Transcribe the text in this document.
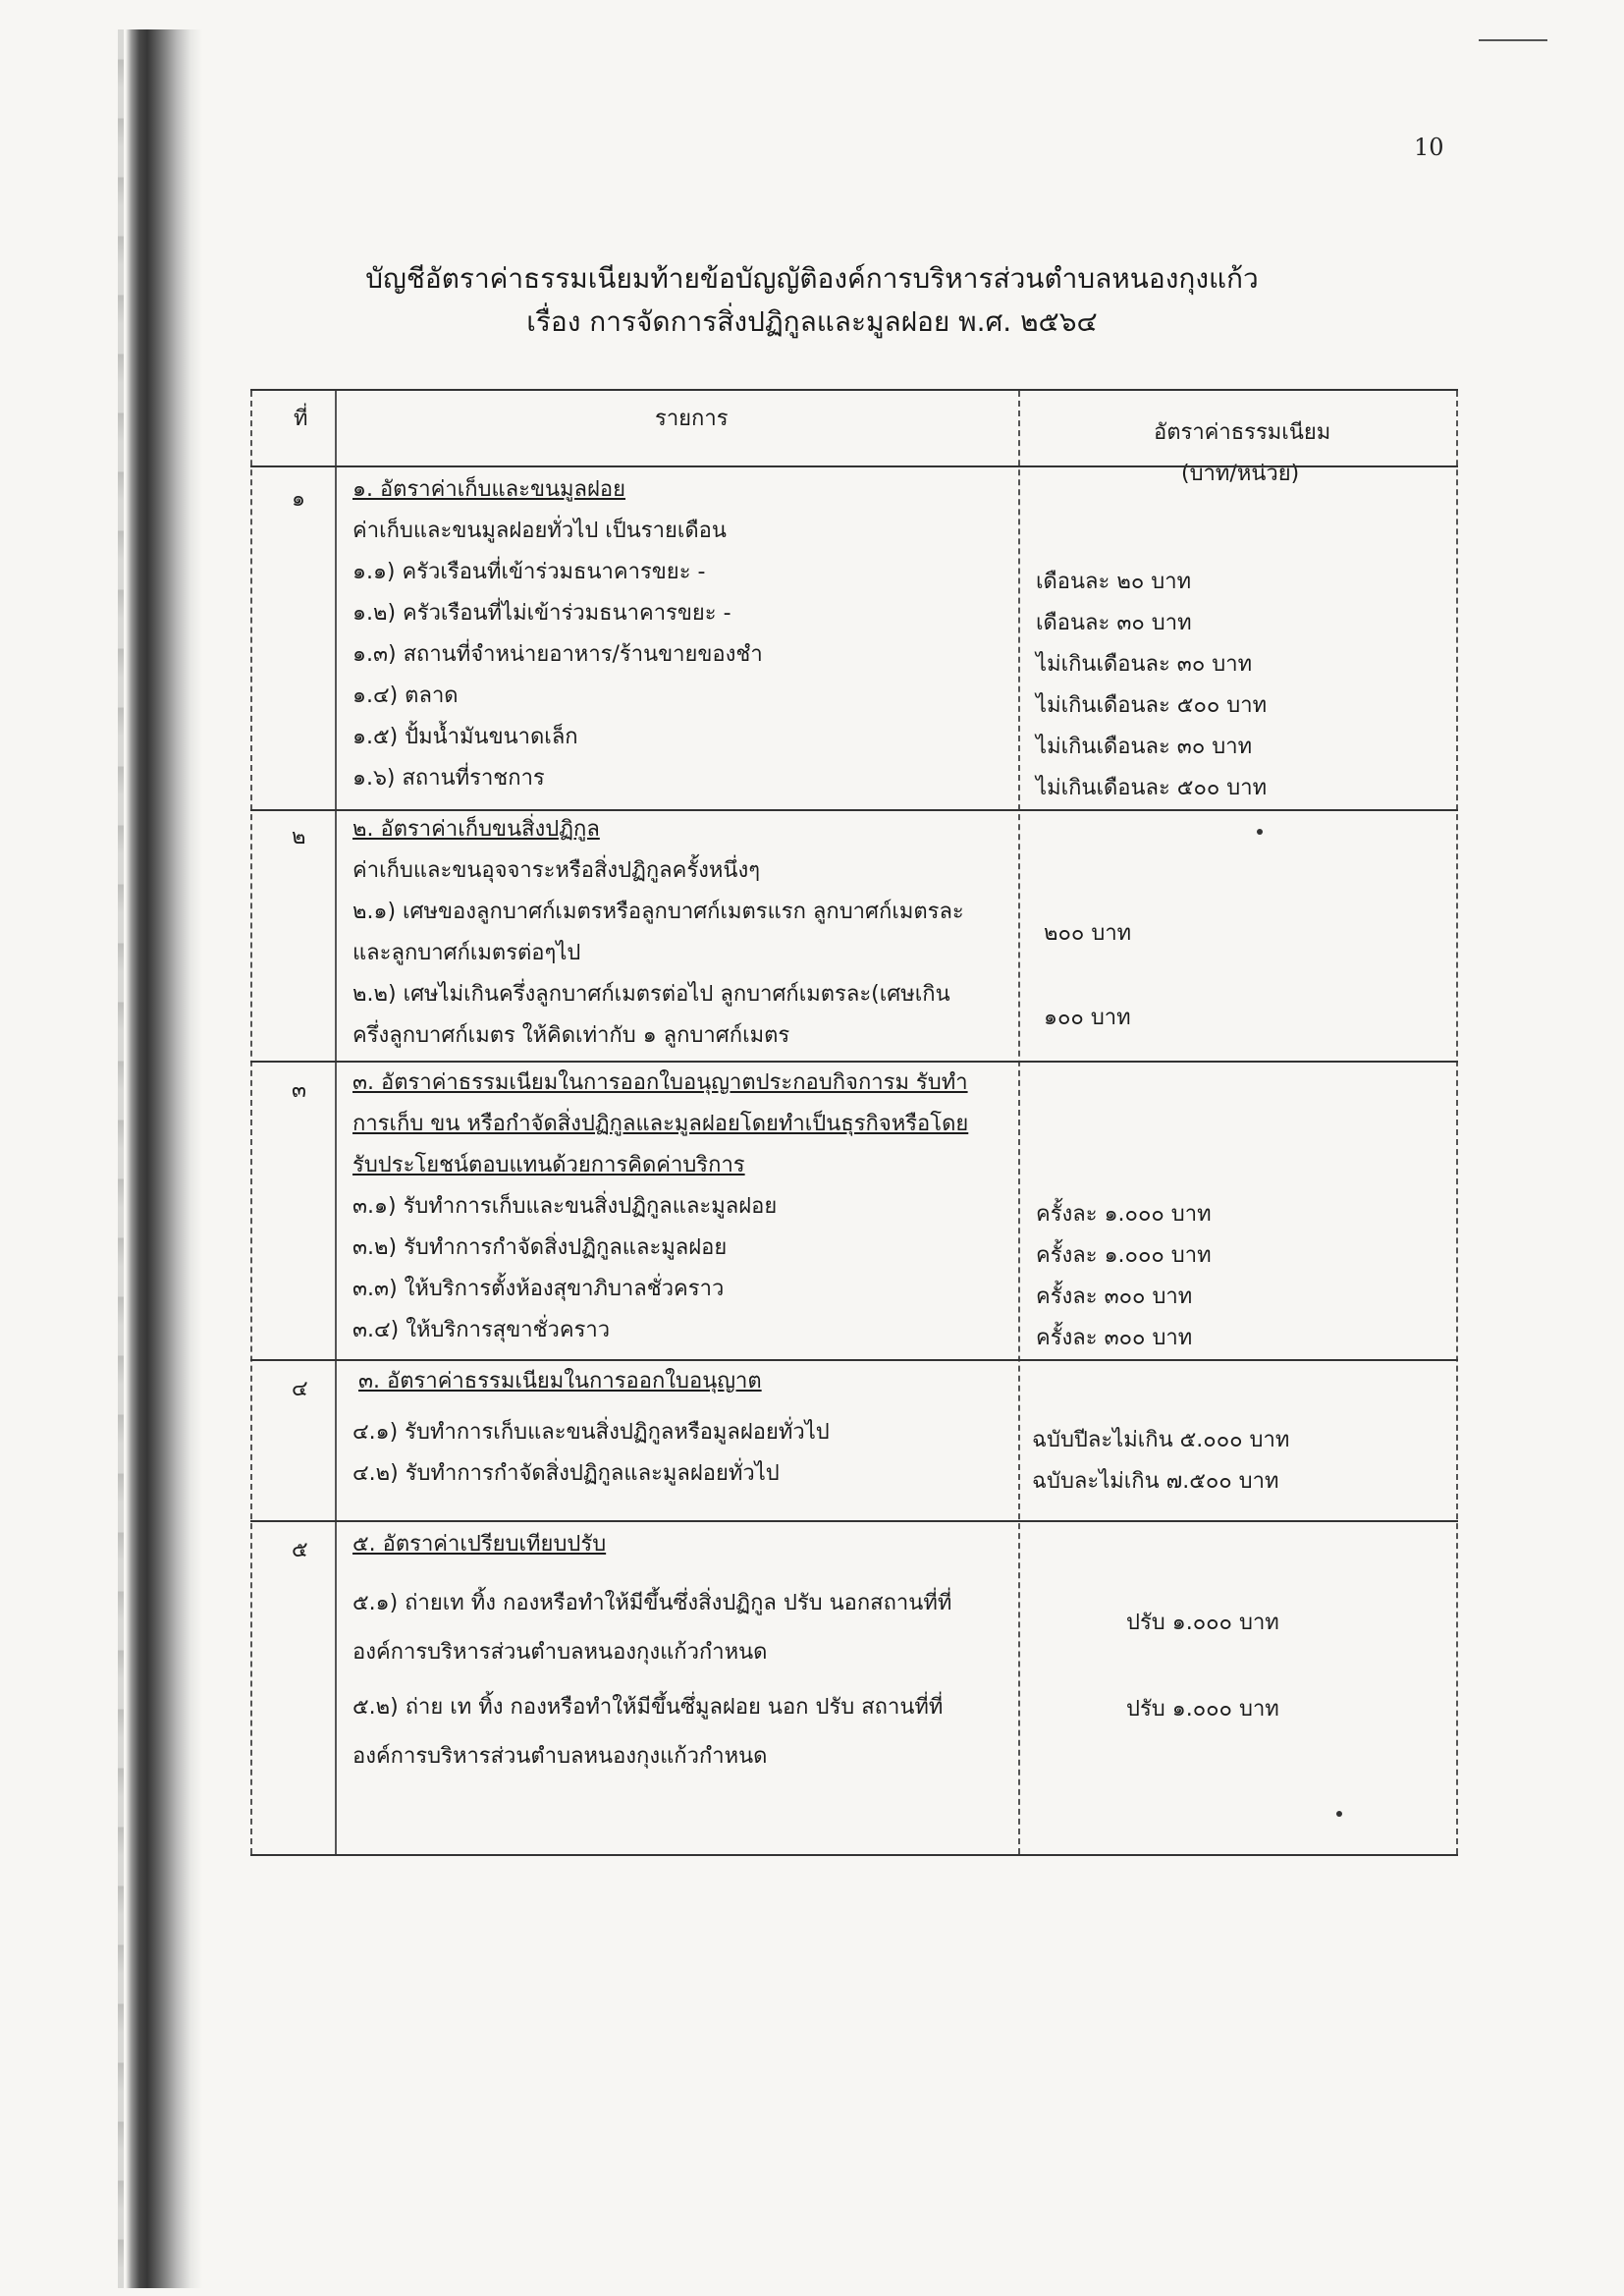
10
บัญชีอัตราค่าธรรมเนียมท้ายข้อบัญญัติองค์การบริหารส่วนตำบลหนองกุงแก้ว
เรื่อง การจัดการสิ่งปฏิกูลและมูลฝอย พ.ศ. ๒๕๖๔
ที่	รายการ
อัตราค่าธรรมเนียม
(บาท/หน่วย)
๑ ๑. อัตราค่าเก็บและขนมูลฝอย
ค่าเก็บและขนมูลฝอยทั่วไป เป็นรายเดือน
๑.๑) ครัวเรือนที่เข้าร่วมธนาคารขยะ -
๑.๒) ครัวเรือนที่ไม่เข้าร่วมธนาคารขยะ -
๑.๓) สถานที่จำหน่ายอาหาร/ร้านขายของชำ
๑.๔) ตลาด
๑.๕) ปั้มน้ำมันขนาดเล็ก
๑.๖) สถานที่ราชการ
เดือนละ ๒๐ บาท
เดือนละ ๓๐ บาท
ไม่เกินเดือนละ ๓๐ บาท
ไม่เกินเดือนละ ๕๐๐ บาท
ไม่เกินเดือนละ ๓๐ บาท
ไม่เกินเดือนละ ๕๐๐ บาท
๒ ๒. อัตราค่าเก็บขนสิ่งปฏิกูล
ค่าเก็บและขนอุจจาระหรือสิ่งปฏิกูลครั้งหนึ่งๆ
๒.๑) เศษของลูกบาศก์เมตรหรือลูกบาศก์เมตรแรก ลูกบาศก์เมตรละ
และลูกบาศก์เมตรต่อๆไป
๒.๒) เศษไม่เกินครึ่งลูกบาศก์เมตรต่อไป ลูกบาศก์เมตรละ(เศษเกิน
ครึ่งลูกบาศก์เมตร ให้คิดเท่ากับ ๑ ลูกบาศก์เมตร
๒๐๐ บาท
๑๐๐ บาท
๓ ๓. อัตราค่าธรรมเนียมในการออกใบอนุญาตประกอบกิจการม รับทำ
การเก็บ ขน หรือกำจัดสิ่งปฏิกูลและมูลฝอยโดยทำเป็นธุรกิจหรือโดย
รับประโยชน์ตอบแทนด้วยการคิดค่าบริการ
๓.๑) รับทำการเก็บและขนสิ่งปฏิกูลและมูลฝอย
๓.๒) รับทำการกำจัดสิ่งปฏิกูลและมูลฝอย
๓.๓) ให้บริการตั้งห้องสุขาภิบาลชั่วคราว
๓.๔) ให้บริการสุขาชั่วคราว
ครั้งละ ๑.๐๐๐ บาท
ครั้งละ ๑.๐๐๐ บาท
ครั้งละ ๓๐๐ บาท
ครั้งละ ๓๐๐ บาท
๔ ๓. อัตราค่าธรรมเนียมในการออกใบอนุญาต
๔.๑) รับทำการเก็บและขนสิ่งปฏิกูลหรือมูลฝอยทั่วไป
๔.๒) รับทำการกำจัดสิ่งปฏิกูลและมูลฝอยทั่วไป
ฉบับปีละไม่เกิน ๕.๐๐๐ บาท
ฉบับละไม่เกิน ๗.๕๐๐ บาท
๕ ๕. อัตราค่าเปรียบเทียบปรับ
๕.๑) ถ่ายเท ทิ้ง กองหรือทำให้มีขึ้นซึ่งสิ่งปฏิกูล ปรับ นอกสถานที่ที่
องค์การบริหารส่วนตำบลหนองกุงแก้วกำหนด
๕.๒) ถ่าย เท ทิ้ง กองหรือทำให้มีขึ้นซึ่มูลฝอย นอก ปรับ สถานที่ที่
องค์การบริหารส่วนตำบลหนองกุงแก้วกำหนด
ปรับ ๑.๐๐๐ บาท
ปรับ ๑.๐๐๐ บาท
